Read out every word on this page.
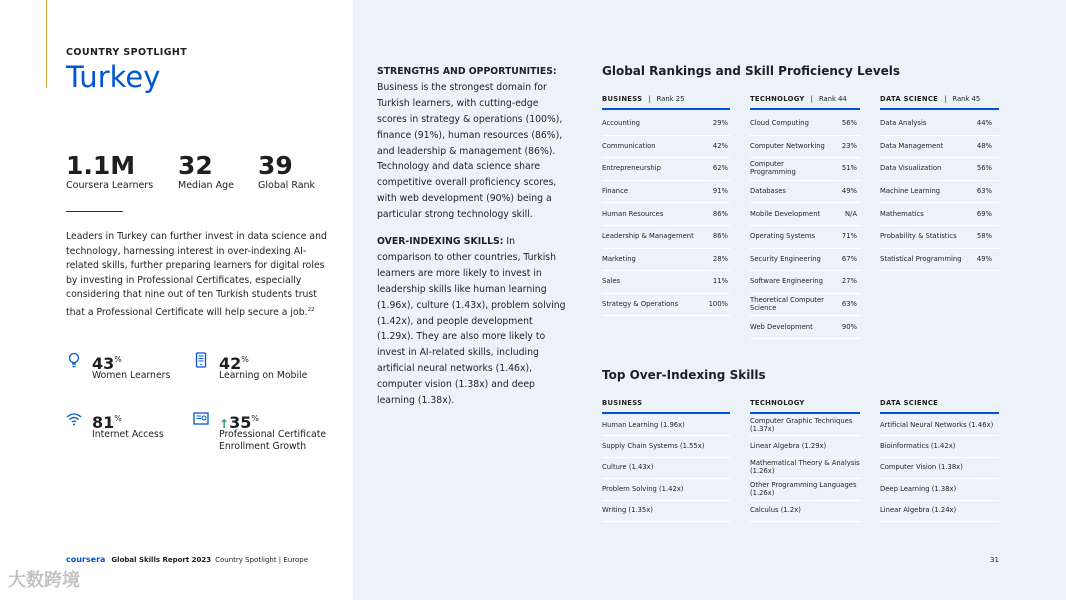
COUNTRY SPOTLIGHT
Turkey
1.1M
Coursera Learners
32
Median Age
39
Global Rank
Leaders in Turkey can further invest in data science and technology, harnessing interest in over-indexing AI-related skills, further preparing learners for digital roles by investing in Professional Certificates, especially considering that nine out of ten Turkish students trust that a Professional Certificate will help secure a job.$^{22}$
43%
Women Learners
42%
Learning on Mobile
81%
Internet Access
↑35%
Professional Certificate Enrollment Growth
coursera Global Skills Report 2023 Country Spotlight | Europe
大数跨境
31
STRENGTHS AND OPPORTUNITIES:
Business is the strongest domain for Turkish learners, with cutting-edge scores in strategy & operations (100%), finance (91%), human resources (86%), and leadership & management (86%). Technology and data science share competitive overall proficiency scores, with web development (90%) being a particular strong technology skill.
OVER-INDEXING SKILLS: In comparison to other countries, Turkish learners are more likely to invest in leadership skills like human learning (1.96x), culture (1.43x), problem solving (1.42x), and people development (1.29x). They are also more likely to invest in AI-related skills, including artificial neural networks (1.46x), computer vision (1.38x) and deep learning (1.38x).
Global Rankings and Skill Proficiency Levels
BUSINESS | Rank 25
Accounting	29%
Communication	42%
Entrepreneurship	62%
Finance	91%
Human Resources	86%
Leadership & Management	86%
Marketing	28%
Sales	11%
Strategy & Operations	100%
TECHNOLOGY | Rank 44
Cloud Computing	56%
Computer Networking	23%
Computer Programming	51%
Databases	49%
Mobile Development	N/A
Operating Systems	71%
Security Engineering	67%
Software Engineering	27%
Theoretical Computer Science	63%
Web Development	90%
DATA SCIENCE | Rank 45
Data Analysis	44%
Data Management	48%
Data Visualization	56%
Machine Learning	63%
Mathematics	69%
Probability & Statistics	58%
Statistical Programming	49%
Top Over-Indexing Skills
BUSINESS
Human Learning (1.96x)
Supply Chain Systems (1.55x)
Culture (1.43x)
Problem Solving (1.42x)
Writing (1.35x)
TECHNOLOGY
Computer Graphic Techniques (1.37x)
Linear Algebra (1.29x)
Mathematical Theory & Analysis (1.26x)
Other Programming Languages (1.26x)
Calculus (1.2x)
DATA SCIENCE
Artificial Neural Networks (1.46x)
Bioinformatics (1.42x)
Computer Vision (1.38x)
Deep Learning (1.38x)
Linear Algebra (1.24x)
